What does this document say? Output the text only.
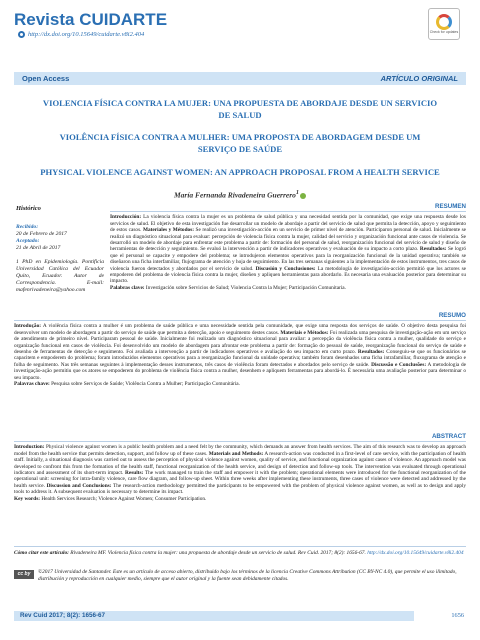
Revista CUIDARTE
http://dx.doi.org/10.15649/cuidarte.v8i2.404	Check for updates
Open Access	ARTÍCULO ORIGINAL
VIOLENCIA FÍSICA CONTRA LA MUJER: UNA PROPUESTA DE ABORDAJE DESDE UN SERVICIO DE SALUD
VIOLÊNCIA FÍSICA CONTRA A MULHER: UMA PROPOSTA DE ABORDAGEM DESDE UM SERVIÇO DE SAÚDE
PHYSICAL VIOLENCE AGAINST WOMEN: AN APPROACH PROPOSAL FROM A HEALTH SERVICE
María Fernanda Rivadeneira Guerrero$^1$
Histórico
Recibido:
20 de Febrero de 2017
Aceptado:
21 de Abril de 2017
1 PhD en Epidemiología. Pontificia Universidad Católica del Ecuador Quito, Ecuador. Autor de Correspondencia. E-mail: mafenrivadeneira@yahoo.com
RESUMEN

Introducción: La violencia física contra la mujer es un problema de salud pública y una necesidad sentida por la comunidad, que exige una respuesta desde los servicios de salud. El objetivo de esta investigación fue desarrollar un modelo de abordaje a partir del servicio de salud que permita la detección, apoyo y seguimiento de estos casos. Materiales y Métodos: Se realizó una investigación-acción en un servicio de primer nivel de atención. Participaron personal de salud. Inicialmente se realizó un diagnóstico situacional para evaluar: percepción de violencia física contra la mujer, calidad del servicio y organización funcional ante casos de violencia. Se desarrolló un modelo de abordaje para enfrentar este problema a partir de: formación del personal de salud, reorganización funcional del servicio de salud y diseño de herramientas de detección y seguimiento. Se evaluó la intervención a partir de indicadores operativos y evaluación de su impacto a corto plazo. Resultados: Se logró que el personal se capacite y empodere del problema; se introdujeron elementos operativos para la reorganización funcional de la unidad operativa; también se diseñaron una ficha interfamiliar, flujograma de atención y hoja de seguimiento. En las tres semanas siguientes a la implementación de estos instrumentos, tres casos de violencia fueron detectados y abordados por el servicio de salud. Discusión y Conclusiones: La metodología de investigación-acción permitió que los actores se empoderen del problema de violencia física contra la mujer, diseñen y apliquen herramientas para abordarlo. Es necesaria una evaluación posterior para determinar su impacto.

Palabras clave: Investigación sobre Servicios de Salud; Violencia Contra la Mujer; Participación Comunitaria.

RESUMO

Introdução: A violência física contra a mulher é um problema de saúde pública e uma necessidade sentida pela comunidade, que exige uma resposta dos serviços de saúde. O objetivo desta pesquisa foi desenvolver um modelo de abordagem a partir do serviço de saúde que permita a detecção, apoio e seguimento destes casos. Materiais e Métodos: Foi realizada uma pesquisa de investigação-ação em um serviço de atendimento de primeiro nível. Participaram pessoal de saúde. Inicialmente foi realizado um diagnóstico situacional para avaliar: a percepção da violência física contra a mulher, qualidade do serviço e organização funcional em casos de violência. Foi desenvolvido um modelo de abordagem para afrontar este problema a partir de: formação do pessoal de saúde, reorganização funcional do serviço de saúde e desenho de ferramentas de detecção e seguimento. Foi avaliada a intervenção a partir de indicadores operativos e avaliação do seu impacto em curto prazo. Resultados: Conseguiu-se que os funcionários se capacitem e empoderem do problema; foram introduzidos elementos operativos para a reorganização funcional da unidade operativa; também foram desenhados uma ficha intrafamiliar, fluxograma de atenção e folha de seguimento. Nas três semanas seguintes à implementação desses instrumentos, três casos de violência foram detectados e abordados pelo serviço de saúde. Discussão e Conclusões: A metodologia de investigação-ação permitiu que os atores se empoderem do problema de violência física contra a mulher, desenhem e apliquem ferramentas para abordá-lo. É necessária uma avaliação posterior para determinar o seu impacto.

Palavras chave: Pesquisa sobre Serviços de Saúde; Violência Contra a Mulher; Participação Comunitária.

ABSTRACT

Introduction: Physical violence against women is a public health problem and a need felt by the community, which demands an answer from health services. The aim of this research was to develop an approach model from the health service that permits detection, support, and follow up of these cases. Materials and Methods: A research-action was conducted in a first-level of care service, with the participation of health staff. Initially, a situational diagnosis was carried out to assess the perception of physical violence against women, quality of service, and functional organization against cases of violence. An approach model was developed to confront this from the formation of the health staff, functional reorganization of the health service, and design of detection and follow-up tools. The intervention was evaluated through operational indicators and assessment of its short-term impact. Results: The work managed to train the staff and empower it with the problem; operational elements were introduced for the functional reorganization of the operational unit: screening for intra-family violence, care flow diagram, and follow-up sheet. Within three weeks after implementing these instruments, three cases of violence were detected and addressed by the health service. Discussion and Conclusions: The research-action methodology permitted the participants to be empowered with the problem of physical violence against women, as well as to design and apply tools to address it. A subsequent evaluation is necessary to determine its impact.

Key words: Health Services Research; Violence Against Women; Consumer Participation.

Cómo citar este artículo: Rivadeneira MF. Violencia física contra la mujer: una propuesta de abordaje desde un servicio de salud. Rev Cuid. 2017; 8(2): 1656-67. http://dx.doi.org/10.15649/cuidarte.v8i2.404
cc by	©2017 Universidad de Santander. Este es un artículo de acceso abierto, distribuido bajo los términos de la licencia Creative Commons Attribution (CC BY-NC 4.0), que permite el uso ilimitado, distribución y reproducción en cualquier medio, siempre que el autor original y la fuente sean debidamente citados.
Rev Cuid 2017; 8(2): 1656-67	1656
